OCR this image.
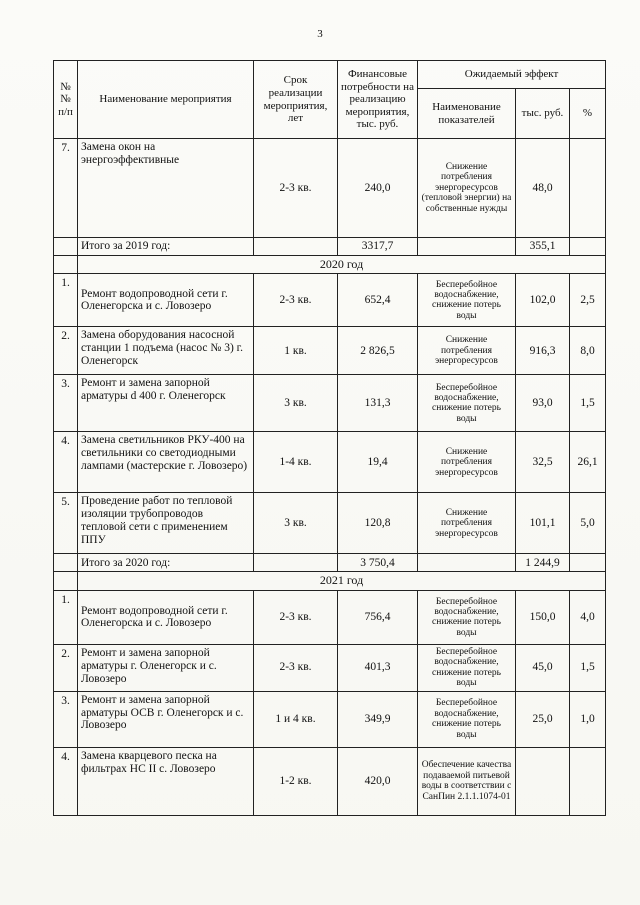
3
№№ п/п	Наименование мероприятия	Срок реализации мероприятия, лет	Финансовые потребности на реализацию мероприятия, тыс. руб.	Ожидаемый эффект		
				Наименование показателей	тыс. руб.	%
7.	Замена окон на энергоэффективные	2-3 кв.	240,0	Снижение потребления энергоресурсов (тепловой энергии) на собственные нужды	48,0	
	Итого за 2019 год:		3317,7		355,1	
	2020 год					
1.	Ремонт водопроводной сети г. Оленегорска и с. Ловозеро	2-3 кв.	652,4	Бесперебойное водоснабжение, снижение потерь воды	102,0	2,5
2.	Замена оборудования насосной станции 1 подъема (насос № 3) г. Оленегорск	1 кв.	2 826,5	Снижение потребления энергоресурсов	916,3	8,0
3.	Ремонт и замена запорной арматуры d 400 г. Оленегорск	3 кв.	131,3	Бесперебойное водоснабжение, снижение потерь воды	93,0	1,5
4.	Замена светильников РКУ-400 на светильники со светодиодными лампами (мастерские г. Ловозеро)	1-4 кв.	19,4	Снижение потребления энергоресурсов	32,5	26,1
5.	Проведение работ по тепловой изоляции трубопроводов тепловой сети с применением ППУ	3 кв.	120,8	Снижение потребления энергоресурсов	101,1	5,0
	Итого за 2020 год:		3 750,4		1 244,9	
	2021 год					
1.	Ремонт водопроводной сети г. Оленегорска и с. Ловозеро	2-3 кв.	756,4	Бесперебойное водоснабжение, снижение потерь воды	150,0	4,0
2.	Ремонт и замена запорной арматуры г. Оленегорск и с. Ловозеро	2-3 кв.	401,3	Бесперебойное водоснабжение, снижение потерь воды	45,0	1,5
3.	Ремонт и замена запорной арматуры ОСВ г. Оленегорск и с. Ловозеро	1 и 4 кв.	349,9	Бесперебойное водоснабжение, снижение потерь воды	25,0	1,0
4.	Замена кварцевого песка на фильтрах НС II с. Ловозеро	1-2 кв.	420,0	Обеспечение качества подаваемой питьевой воды в соответствии с СанПин 2.1.1.1074-01		
